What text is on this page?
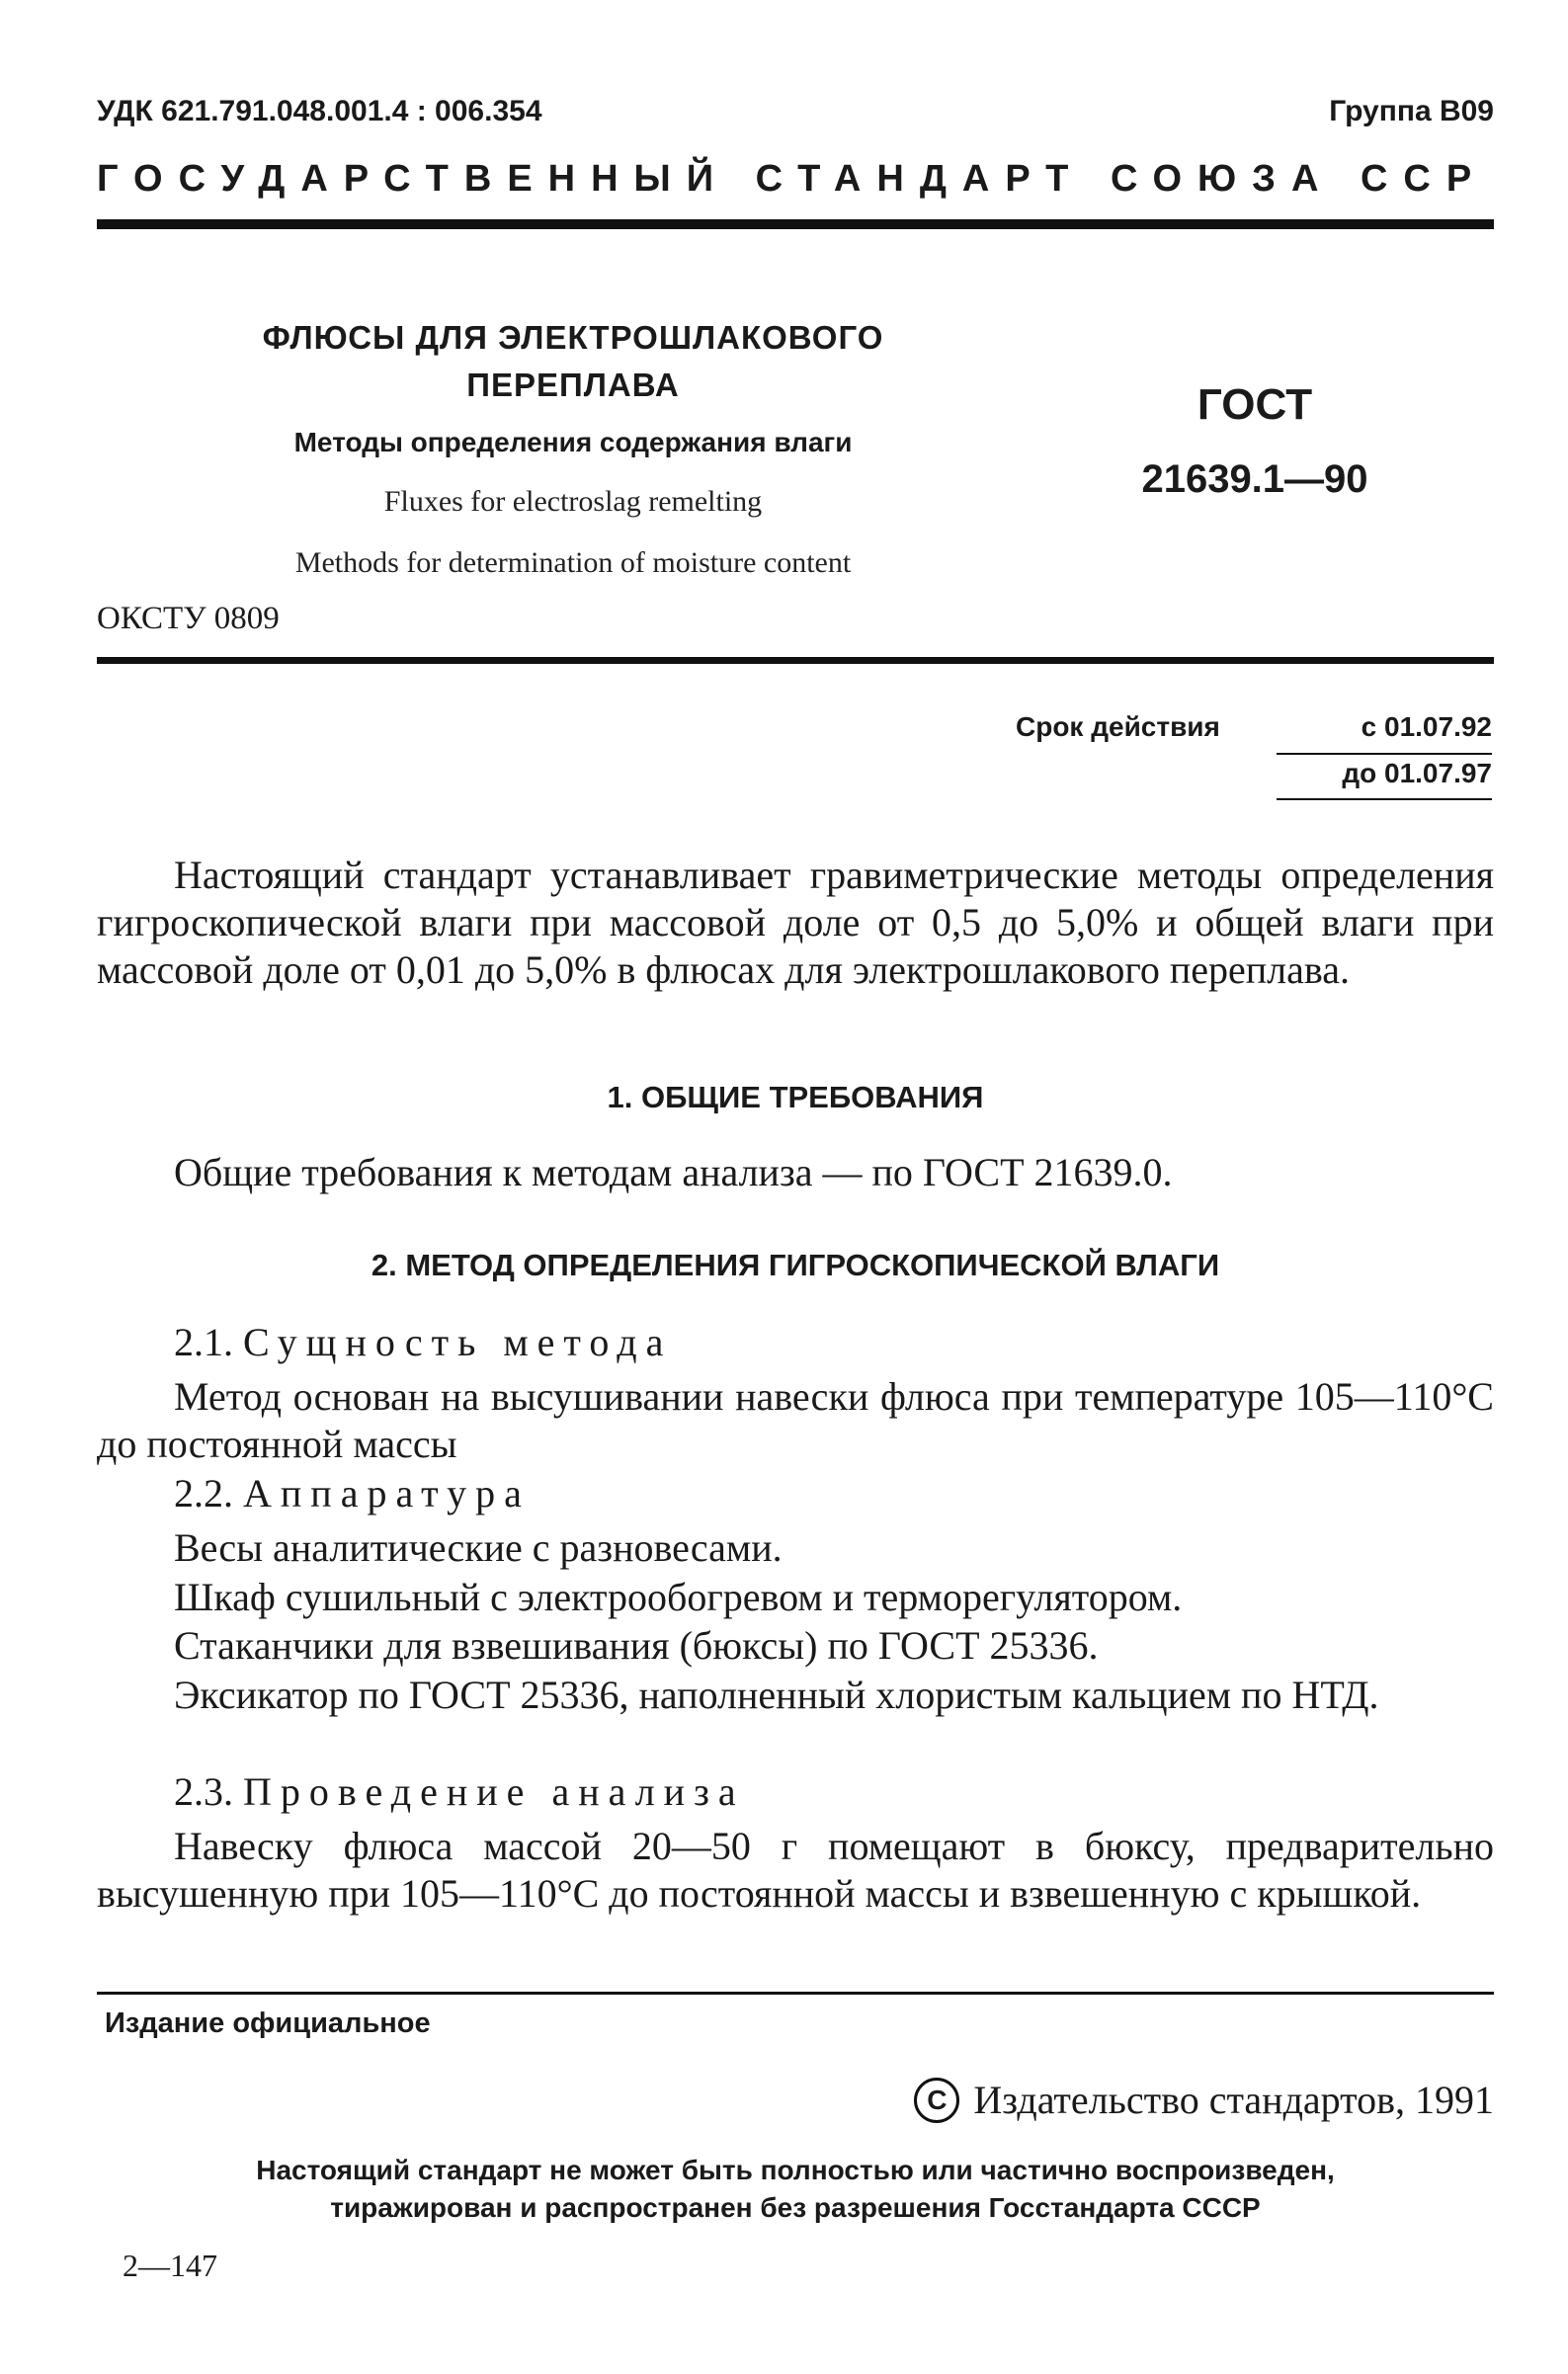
УДК 621.791.048.001.4 : 006.354	Группа В09
ГОСУДАРСТВЕННЫЙ СТАНДАРТ СОЮЗА ССР
ФЛЮСЫ ДЛЯ ЭЛЕКТРОШЛАКОВОГО
ПЕРЕПЛАВА
Методы определения содержания влаги
Fluxes for electroslag remelting
Methods for determination of moisture content
ГОСТ
21639.1—90
ОКСТУ 0809
Срок действия	с 01.07.92
до 01.07.97
Настоящий стандарт устанавливает гравиметрические методы определения гигроскопической влаги при массовой доле от 0,5 до 5,0% и общей влаги при массовой доле от 0,01 до 5,0% в флюсах для электрошлакового переплава.
1. ОБЩИЕ ТРЕБОВАНИЯ
Общие требования к методам анализа — по ГОСТ 21639.0.
2. МЕТОД ОПРЕДЕЛЕНИЯ ГИГРОСКОПИЧЕСКОЙ ВЛАГИ
2.1. Сущность метода
Метод основан на высушивании навески флюса при температуре 105—110°С до постоянной массы
2.2. Аппаратура
Весы аналитические с разновесами.
Шкаф сушильный с электрообогревом и терморегулятором.
Стаканчики для взвешивания (бюксы) по ГОСТ 25336.
Эксикатор по ГОСТ 25336, наполненный хлористым кальцием по НТД.
2.3. Проведение анализа
Навеску флюса массой 20—50 г помещают в бюксу, предварительно высушенную при 105—110°С до постоянной массы и взвешенную с крышкой.
Издание официальное
C Издательство стандартов, 1991
Настоящий стандарт не может быть полностью или частично воспроизведен,
тиражирован и распространен без разрешения Госстандарта СССР
2—147
